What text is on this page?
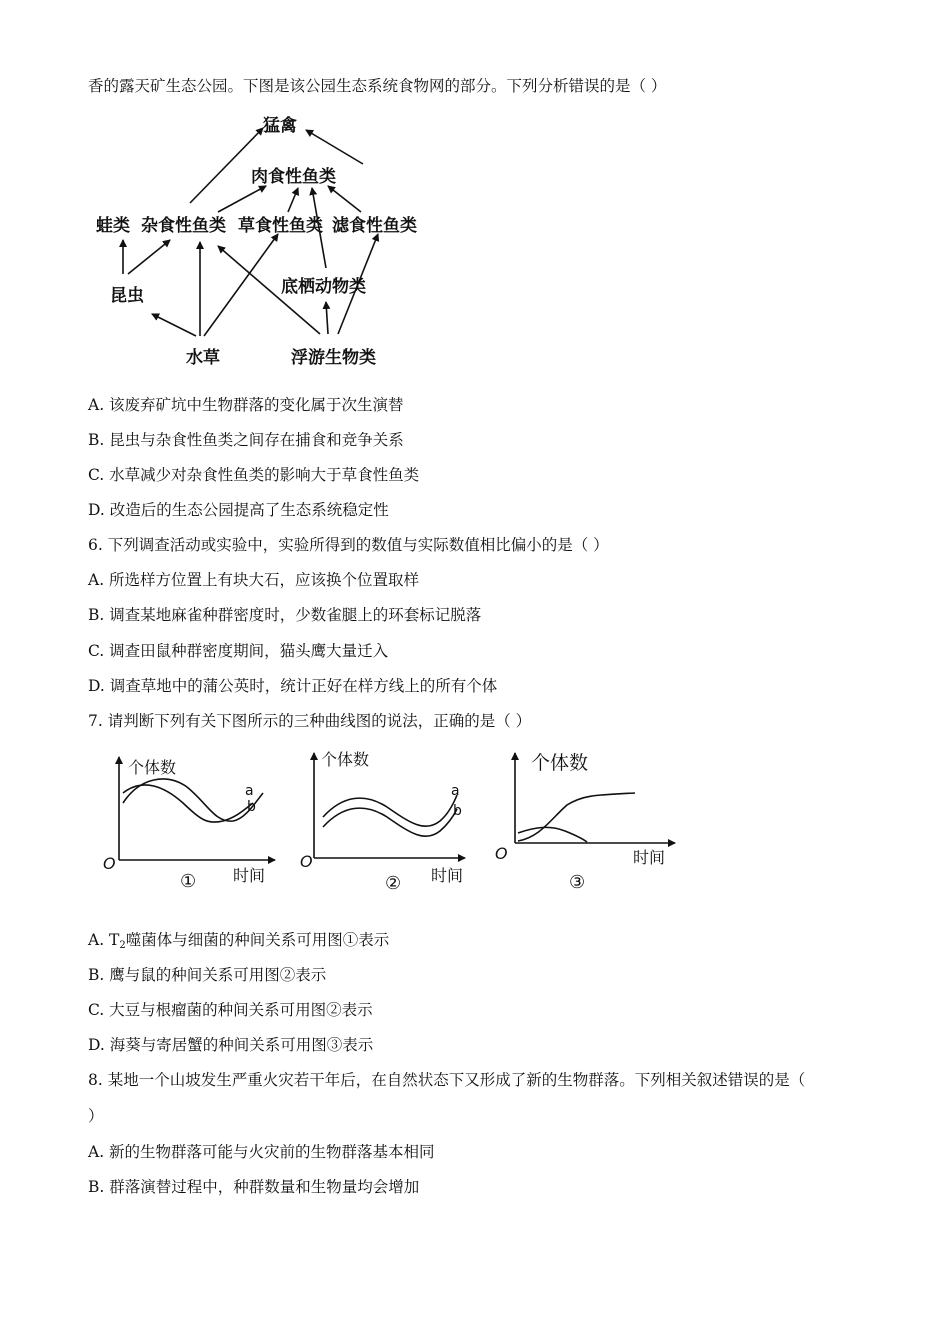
香的露天矿生态公园。下图是该公园生态系统食物网的部分。下列分析错误的是（ ）
猛禽
肉食性鱼类
蛙类 杂食性鱼类 草食性鱼类 滤食性鱼类
昆虫	底栖动物类
水草	浮游生物类
A. 该废弃矿坑中生物群落的变化属于次生演替
B. 昆虫与杂食性鱼类之间存在捕食和竞争关系
C. 水草减少对杂食性鱼类的影响大于草食性鱼类
D. 改造后的生态公园提高了生态系统稳定性
6. 下列调查活动或实验中，实验所得到的数值与实际数值相比偏小的是（ ）
A. 所选样方位置上有块大石，应该换个位置取样
B. 调查某地麻雀种群密度时，少数雀腿上的环套标记脱落
C. 调查田鼠种群密度期间，猫头鹰大量迁入
D. 调查草地中的蒲公英时，统计正好在样方线上的所有个体
7. 请判断下列有关下图所示的三种曲线图的说法，正确的是（ ）
个体数
O
a
b
① 时间
个体数
O
a
b
② 时间
个体数
O	时间
③
A. $T_2$噬菌体与细菌的种间关系可用图①表示
B. 鹰与鼠的种间关系可用图②表示
C. 大豆与根瘤菌的种间关系可用图②表示
D. 海葵与寄居蟹的种间关系可用图③表示
8. 某地一个山坡发生严重火灾若干年后，在自然状态下又形成了新的生物群落。下列相关叙述错误的是（
）
A. 新的生物群落可能与火灾前的生物群落基本相同
B. 群落演替过程中，种群数量和生物量均会增加
